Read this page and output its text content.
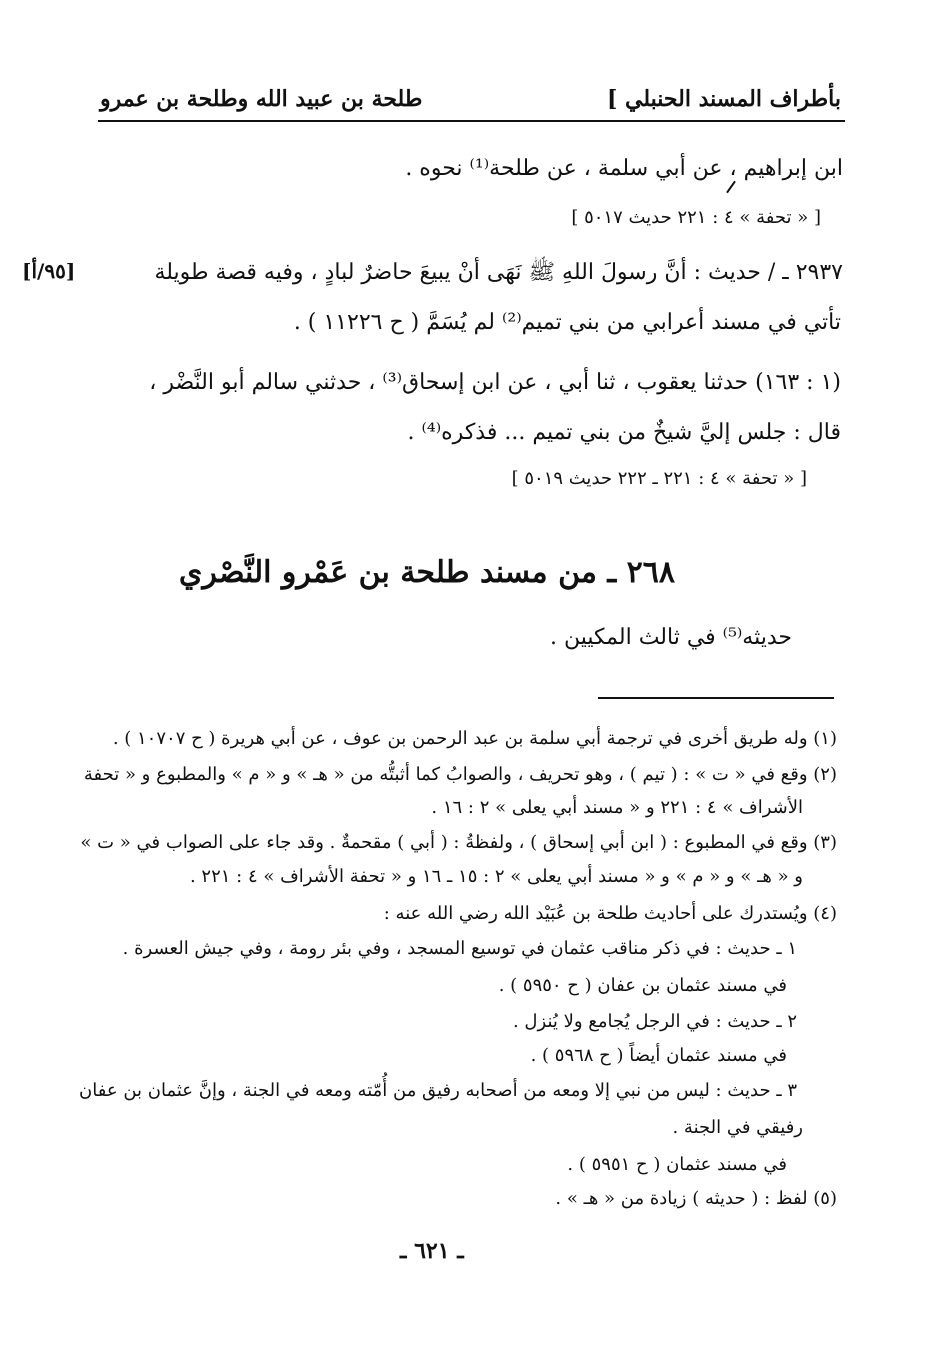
بأطراف المسند الحنبلي ]
طلحة بن عبيد الله وطلحة بن عمرو
ابن إبراهيم ، عن أبي سلمة ، عن طلحة⁽¹⁾ نحوه .
[ « تحفة » ٤ : ٢٢١ حديث ٥٠١٧ ]
٢٩٣٧ ـ / حديث : أنَّ رسولَ اللهِ ﷺ نَهَى أنْ يبيعَ حاضرٌ لبادٍ ، وفيه قصة طويلة
[٩٥/أ]
تأتي في مسند أعرابي من بني تميم⁽²⁾ لم يُسَمَّ ( ح ١١٢٢٦ ) .
(١ : ١٦٣) حدثنا يعقوب ، ثنا أبي ، عن ابن إسحاق⁽³⁾ ، حدثني سالم أبو النَّضْر ،
قال : جلس إليَّ شيخٌ من بني تميم ... فذكره⁽⁴⁾ .
[ « تحفة » ٤ : ٢٢١ ـ ٢٢٢ حديث ٥٠١٩ ]
٢٦٨ ـ من مسند طلحة بن عَمْرو النَّصْري
حديثه⁽⁵⁾ في ثالث المكيين .
(١) وله طريق أخرى في ترجمة أبي سلمة بن عبد الرحمن بن عوف ، عن أبي هريرة ( ح ١٠٧٠٧ ) .
(٢) وقع في « ت » : ( تيم ) ، وهو تحريف ، والصوابُ كما أثبتُّه من « هـ » و « م » والمطبوع و « تحفة
الأشراف » ٤ : ٢٢١ و « مسند أبي يعلى » ٢ : ١٦ .
(٣) وقع في المطبوع : ( ابن أبي إسحاق ) ، ولفظةُ : ( أبي ) مقحمةٌ . وقد جاء على الصواب في « ت »
و « هـ » و « م » و « مسند أبي يعلى » ٢ : ١٥ ـ ١٦ و « تحفة الأشراف » ٤ : ٢٢١ .
(٤) ويُستدرك على أحاديث طلحة بن عُبَيْد الله رضي الله عنه :
١ ـ حديث : في ذكر مناقب عثمان في توسيع المسجد ، وفي بئر رومة ، وفي جيش العسرة .
في مسند عثمان بن عفان ( ح ٥٩٥٠ ) .
٢ ـ حديث : في الرجل يُجامع ولا يُنزل .
في مسند عثمان أيضاً ( ح ٥٩٦٨ ) .
٣ ـ حديث : ليس من نبي إلا ومعه من أصحابه رفيق من أُمّته ومعه في الجنة ، وإنَّ عثمان بن عفان
رفيقي في الجنة .
في مسند عثمان ( ح ٥٩٥١ ) .
(٥) لفظ : ( حديثه ) زيادة من « هـ » .
ـ ٦٢١ ـ
